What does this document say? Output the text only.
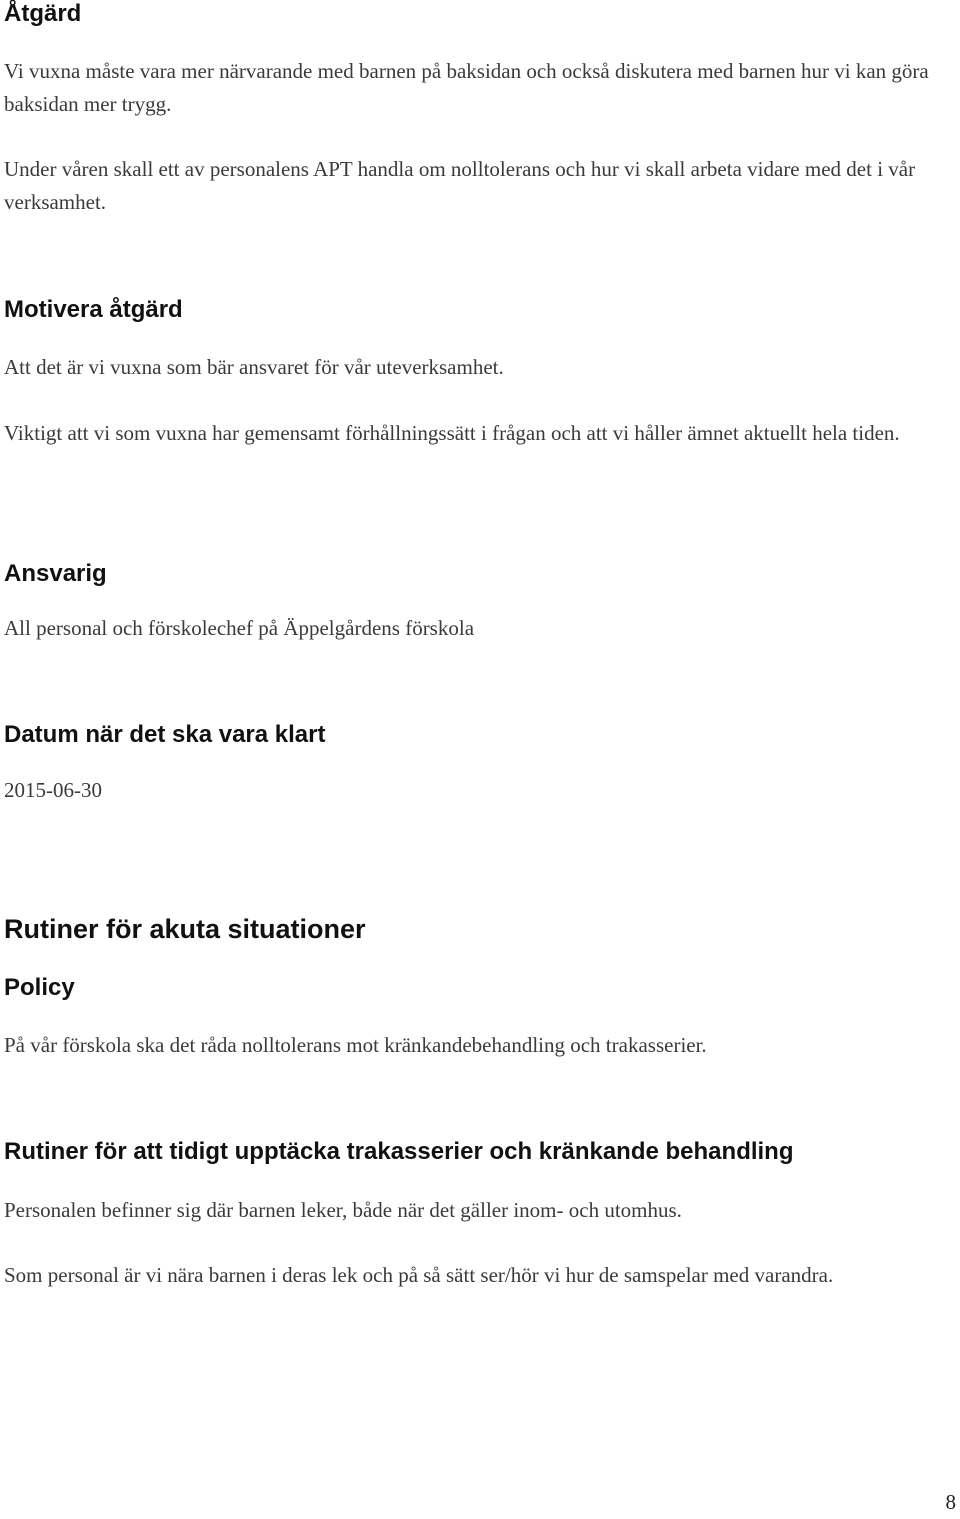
Åtgärd

Vi vuxna måste vara mer närvarande med barnen på baksidan och också diskutera med barnen hur vi kan göra baksidan mer trygg.

Under våren skall ett av personalens APT handla om nolltolerans och hur vi skall arbeta vidare med det i vår verksamhet.

Motivera åtgärd

Att det är vi vuxna som bär ansvaret för vår uteverksamhet.

Viktigt att vi som vuxna har gemensamt förhållningssätt i frågan och att vi håller ämnet aktuellt hela tiden.

Ansvarig

All personal och förskolechef på Äppelgårdens förskola

Datum när det ska vara klart

2015-06-30

Rutiner för akuta situationer
Policy

På vår förskola ska det råda nolltolerans mot kränkandebehandling och trakasserier.

Rutiner för att tidigt upptäcka trakasserier och kränkande behandling

Personalen befinner sig där barnen leker, både när det gäller inom- och utomhus.

Som personal är vi nära barnen i deras lek och på så sätt ser/hör vi hur de samspelar med varandra.

8
